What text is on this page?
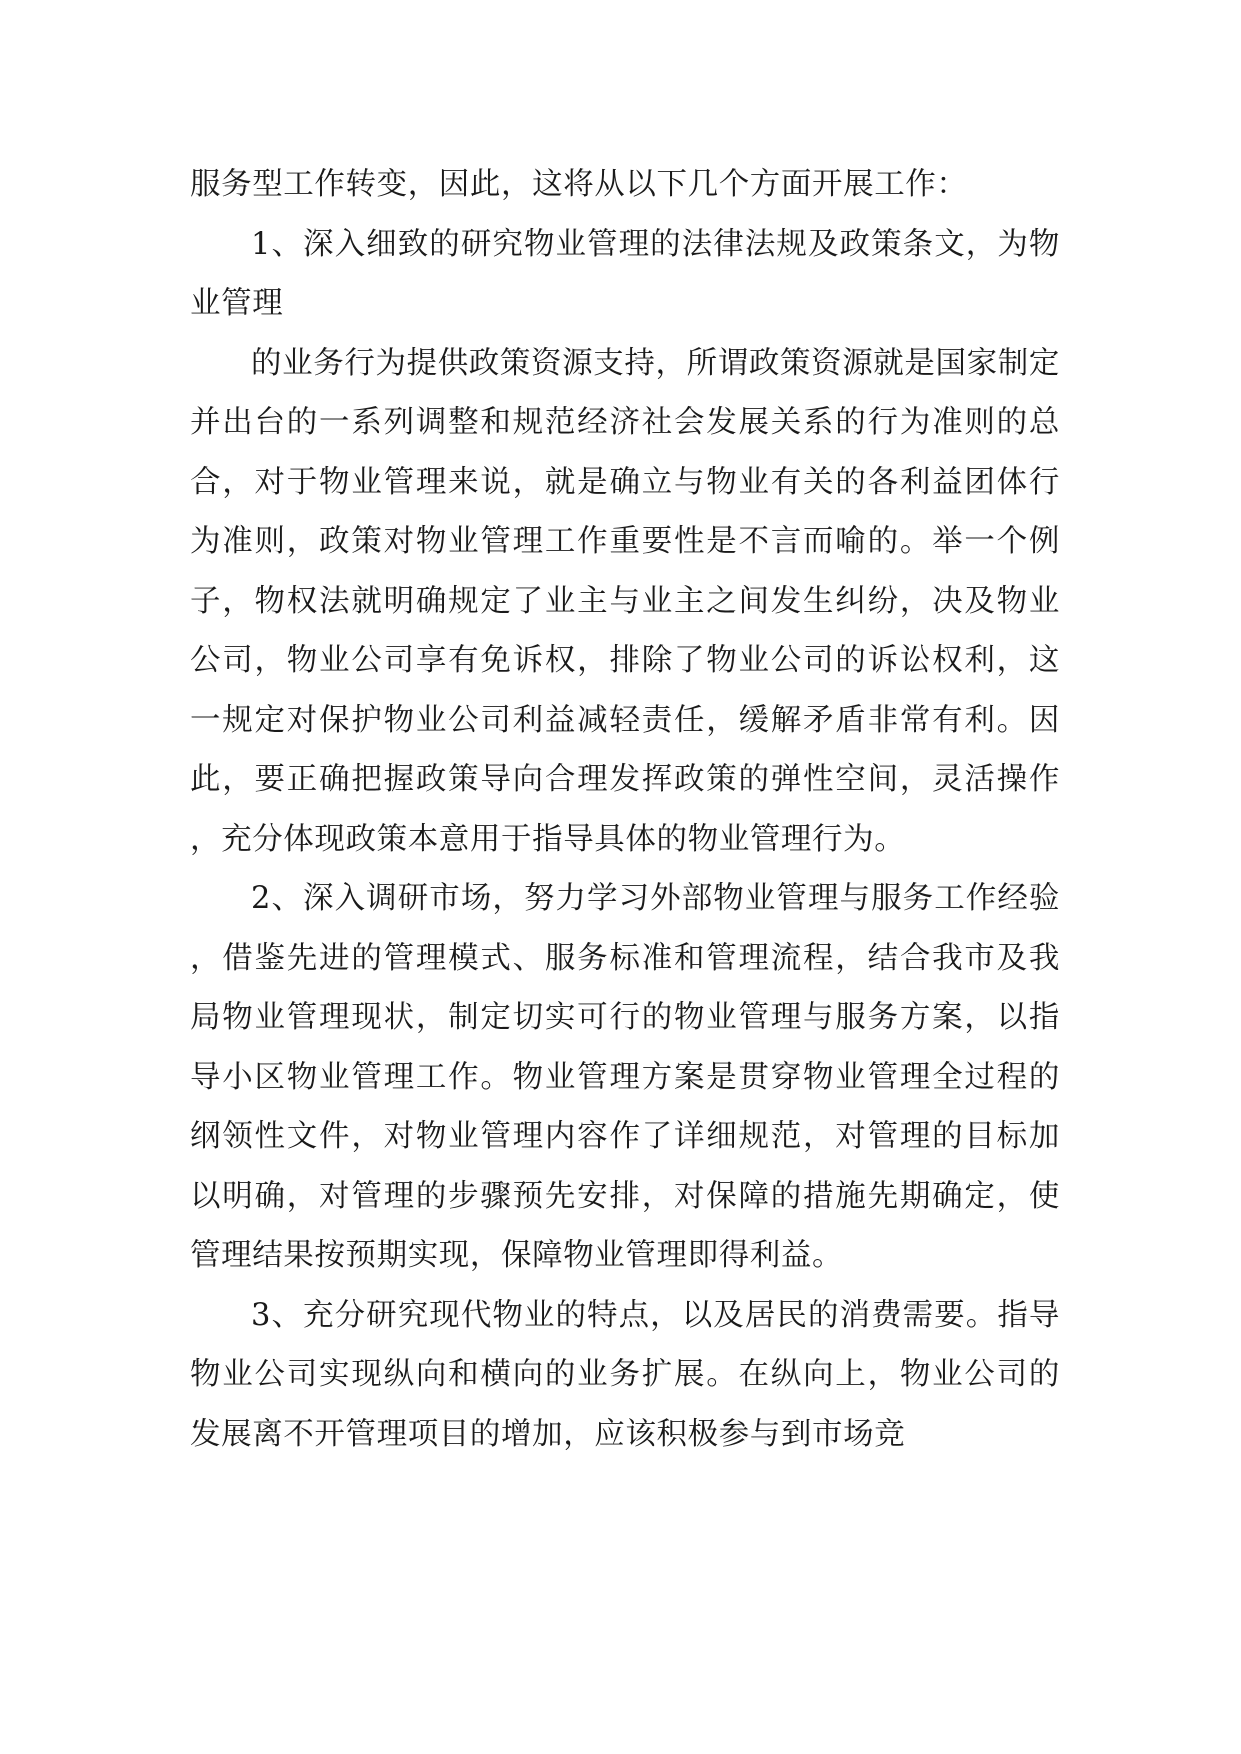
服务型工作转变，因此，这将从以下几个方面开展工作：

1、深入细致的研究物业管理的法律法规及政策条文，为物业管理

的业务行为提供政策资源支持，所谓政策资源就是国家制定并出台的一系列调整和规范经济社会发展关系的行为准则的总合，对于物业管理来说，就是确立与物业有关的各利益团体行为准则，政策对物业管理工作重要性是不言而喻的。举一个例子，物权法就明确规定了业主与业主之间发生纠纷，决及物业公司，物业公司享有免诉权，排除了物业公司的诉讼权利，这一规定对保护物业公司利益减轻责任，缓解矛盾非常有利。因此，要正确把握政策导向合理发挥政策的弹性空间，灵活操作，充分体现政策本意用于指导具体的物业管理行为。

2、深入调研市场，努力学习外部物业管理与服务工作经验，借鉴先进的管理模式、服务标准和管理流程，结合我市及我局物业管理现状，制定切实可行的物业管理与服务方案，以指导小区物业管理工作。物业管理方案是贯穿物业管理全过程的纲领性文件，对物业管理内容作了详细规范，对管理的目标加以明确，对管理的步骤预先安排，对保障的措施先期确定，使管理结果按预期实现，保障物业管理即得利益。

3、充分研究现代物业的特点，以及居民的消费需要。指导物业公司实现纵向和横向的业务扩展。在纵向上，物业公司的发展离不开管理项目的增加，应该积极参与到市场竞
